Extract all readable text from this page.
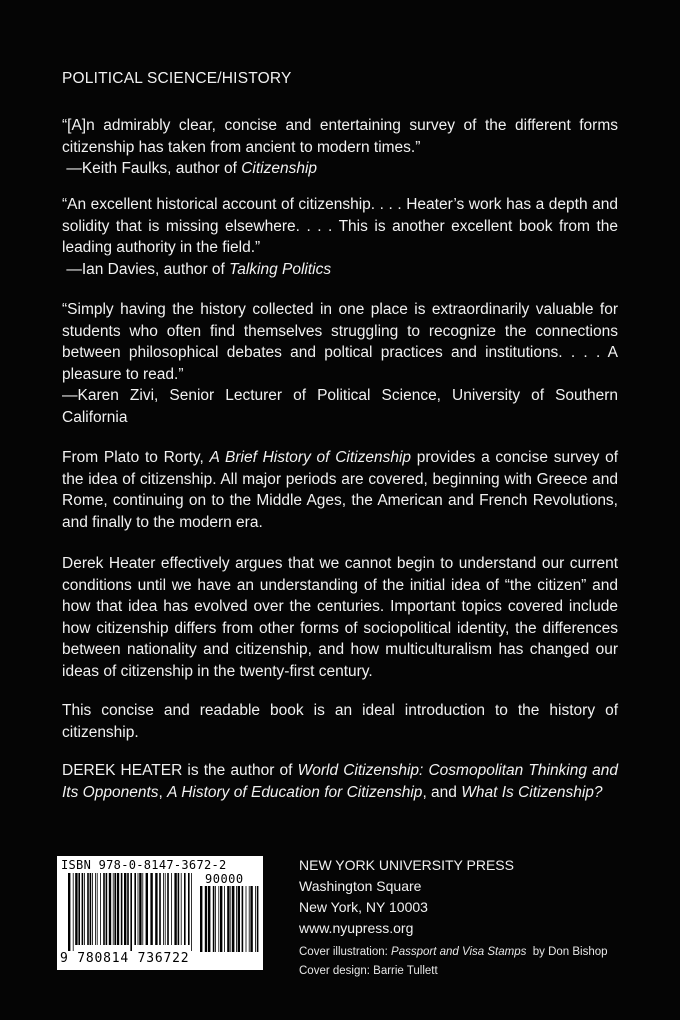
POLITICAL SCIENCE/HISTORY
“[A]n admirably clear, concise and entertaining survey of the different forms citizenship has taken from ancient to modern times.”
—Keith Faulks, author of Citizenship
“An excellent historical account of citizenship. . . . Heater’s work has a depth and solidity that is missing elsewhere. . . . This is another excellent book from the leading authority in the field.”
—Ian Davies, author of Talking Politics
“Simply having the history collected in one place is extraordinarily valuable for students who often find themselves struggling to recognize the connections between philosophical debates and poltical practices and institutions. . . . A pleasure to read.”
—Karen Zivi, Senior Lecturer of Political Science, University of Southern California
From Plato to Rorty, A Brief History of Citizenship provides a concise survey of the idea of citizenship. All major periods are covered, beginning with Greece and Rome, continuing on to the Middle Ages, the American and French Revolutions, and finally to the modern era.
Derek Heater effectively argues that we cannot begin to understand our current conditions until we have an understanding of the initial idea of “the citizen” and how that idea has evolved over the centuries. Important topics covered include how citizenship differs from other forms of sociopolitical identity, the differences between nationality and citizenship, and how multiculturalism has changed our ideas of citizenship in the twenty-first century.
This concise and readable book is an ideal introduction to the history of citizenship.
DEREK HEATER is the author of World Citizenship: Cosmopolitan Thinking and Its Opponents, A History of Education for Citizenship, and What Is Citizenship?
ISBN 978-0-8147-3672-2
90000
9 780814 736722
NEW YORK UNIVERSITY PRESS
Washington Square
New York, NY 10003
www.nyupress.org
Cover illustration: Passport and Visa Stamps  by Don Bishop
Cover design: Barrie Tullett
